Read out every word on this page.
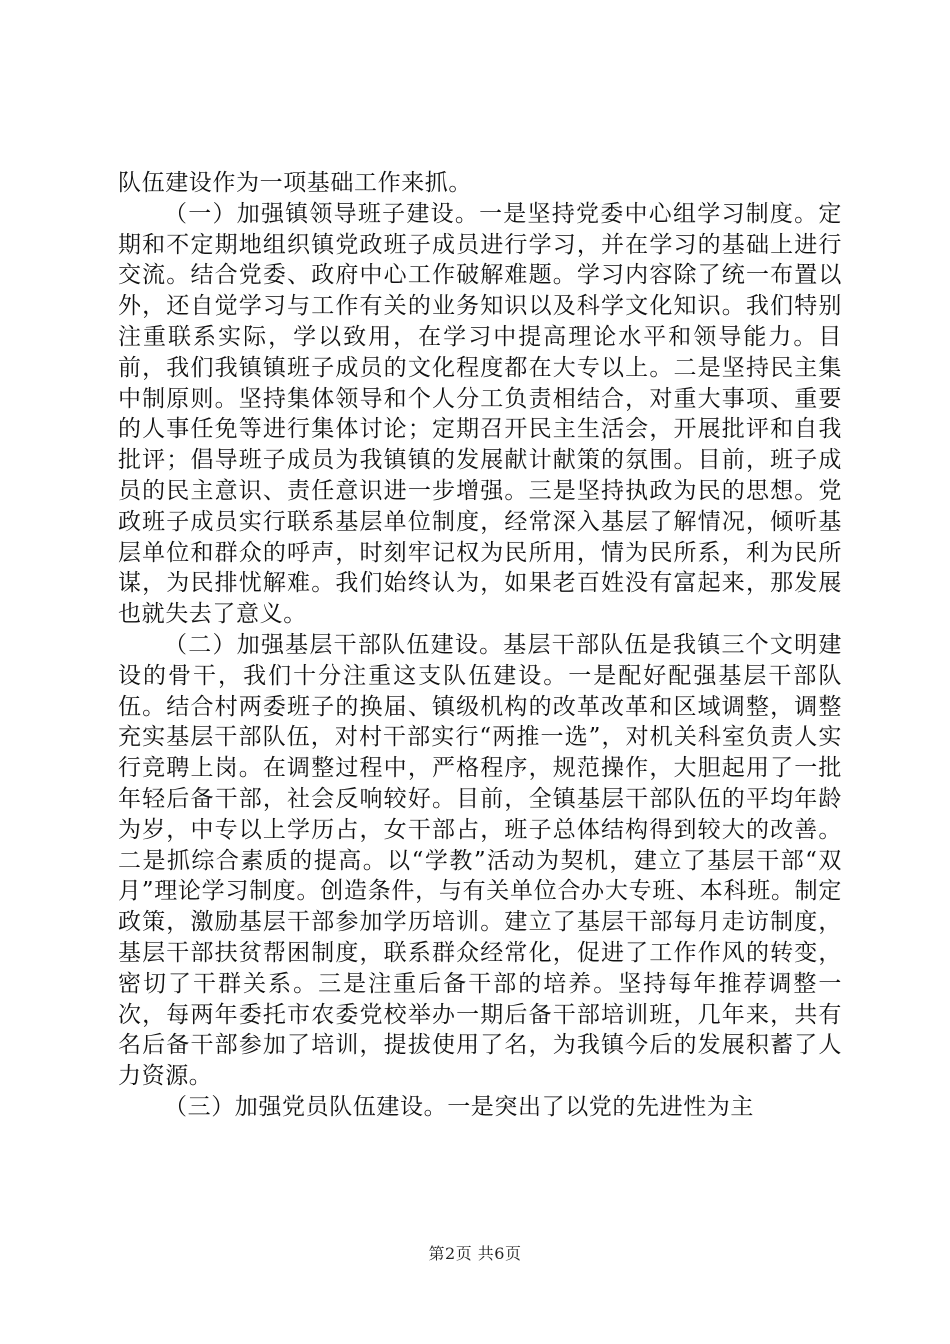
队伍建设作为一项基础工作来抓。

（一）加强镇领导班子建设。一是坚持党委中心组学习制度。定期和不定期地组织镇党政班子成员进行学习，并在学习的基础上进行交流。结合党委、政府中心工作破解难题。学习内容除了统一布置以外，还自觉学习与工作有关的业务知识以及科学文化知识。我们特别注重联系实际，学以致用，在学习中提高理论水平和领导能力。目前，我们我镇镇班子成员的文化程度都在大专以上。二是坚持民主集中制原则。坚持集体领导和个人分工负责相结合，对重大事项、重要的人事任免等进行集体讨论；定期召开民主生活会，开展批评和自我批评；倡导班子成员为我镇镇的发展献计献策的氛围。目前，班子成员的民主意识、责任意识进一步增强。三是坚持执政为民的思想。党政班子成员实行联系基层单位制度，经常深入基层了解情况，倾听基层单位和群众的呼声，时刻牢记权为民所用，情为民所系，利为民所谋，为民排忧解难。我们始终认为，如果老百姓没有富起来，那发展也就失去了意义。

（二）加强基层干部队伍建设。基层干部队伍是我镇三个文明建设的骨干，我们十分注重这支队伍建设。一是配好配强基层干部队伍。结合村两委班子的换届、镇级机构的改革改革和区域调整，调整充实基层干部队伍，对村干部实行“两推一选”，对机关科室负责人实行竞聘上岗。在调整过程中，严格程序，规范操作，大胆起用了一批年轻后备干部，社会反响较好。目前，全镇基层干部队伍的平均年龄为岁，中专以上学历占，女干部占，班子总体结构得到较大的改善。二是抓综合素质的提高。以“学教”活动为契机，建立了基层干部“双月”理论学习制度。创造条件，与有关单位合办大专班、本科班。制定政策，激励基层干部参加学历培训。建立了基层干部每月走访制度，基层干部扶贫帮困制度，联系群众经常化，促进了工作作风的转变，密切了干群关系。三是注重后备干部的培养。坚持每年推荐调整一次，每两年委托市农委党校举办一期后备干部培训班，几年来，共有名后备干部参加了培训，提拔使用了名，为我镇今后的发展积蓄了人力资源。

（三）加强党员队伍建设。一是突出了以党的先进性为主

第2页 共6页
